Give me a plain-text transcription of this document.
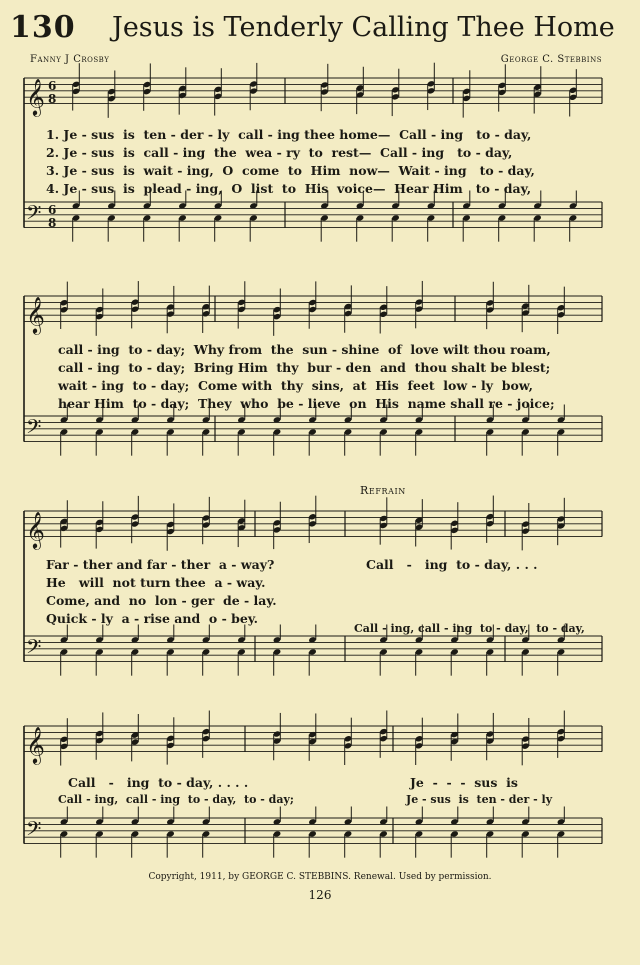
130 Jesus is Tenderly Calling Thee Home
Fanny J Crosby	George C. Stebbins
𝄞
𝄢
6
8
6
8
𝄞
𝄢
𝄞
𝄢
𝄞
𝄢
1. Je - sus  is  ten - der - ly  call - ing thee home—  Call - ing   to - day,
2. Je - sus  is  call - ing  the  wea - ry  to  rest—  Call - ing   to - day,
3. Je - sus  is  wait - ing,  O  come  to  Him  now—  Wait - ing   to - day,
4. Je - sus  is  plead - ing,  O  list  to  His  voice—  Hear Him   to - day,
call - ing  to - day;  Why from  the  sun - shine  of  love wilt thou roam,
call - ing  to - day;  Bring Him  thy  bur - den  and  thou shalt be blest;
wait - ing  to - day;  Come with  thy  sins,  at  His  feet  low - ly  bow,
hear Him  to - day;  They  who  be - lieve  on  His  name shall re - joice;
Refrain
Far - ther and far - ther  a - way?
He   will  not turn thee  a - way.
Come, and  no  lon - ger  de - lay.
Quick - ly  a - rise and  o - bey.
Call   -   ing  to - day, . . .
Call - ing, call - ing  to - day,  to - day,
Call   -   ing  to - day, . . . .
Call - ing,  call - ing  to - day,  to - day;
Je  -  -  -  sus  is
Je - sus  is  ten - der - ly
Copyright, 1911, by GEORGE C. STEBBINS. Renewal. Used by permission.
126
